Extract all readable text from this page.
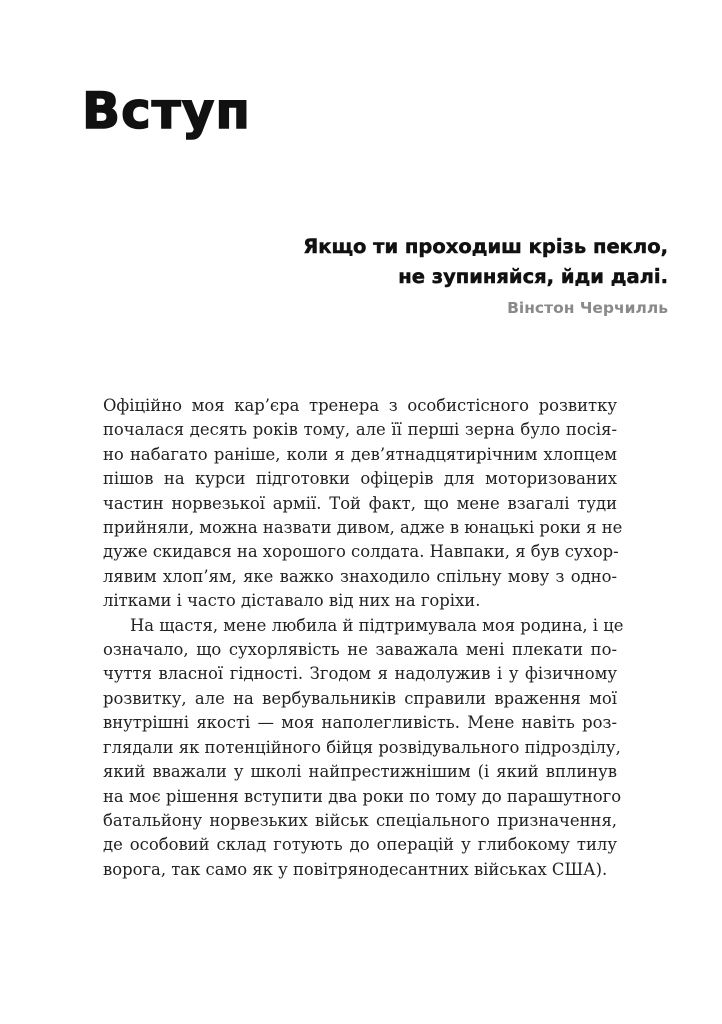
Вступ
Якщо ти проходиш крізь пекло,
не зупиняйся, йди далі.
Вінстон Черчилль
Офіційно моя кар’єра тренера з особистісного розвитку
почалася десять років тому, але її перші зерна було посія-
но набагато раніше, коли я дев’ятнадцятирічним хлопцем
пішов на курси підготовки офіцерів для моторизованих
частин норвезької армії. Той факт, що мене взагалі туди
прийняли, можна назвати дивом, адже в юнацькі роки я не
дуже скидався на хорошого солдата. Навпаки, я був сухор-
лявим хлоп’ям, яке важко знаходило спільну мову з одно-
літками і часто діставало від них на горіхи.
На щастя, мене любила й підтримувала моя родина, і це
означало, що сухорлявість не заважала мені плекати по-
чуття власної гідності. Згодом я надолужив і у фізичному
розвитку, але на вербувальників справили враження мої
внутрішні якості — моя наполегливість. Мене навіть роз-
глядали як потенційного бійця розвідувального підрозділу,
який вважали у школі найпрестижнішим (і який вплинув
на моє рішення вступити два роки по тому до парашутного
батальйону норвезьких військ спеціального призначення,
де особовий склад готують до операцій у глибокому тилу
ворога, так само як у повітрянодесантних військах США).
